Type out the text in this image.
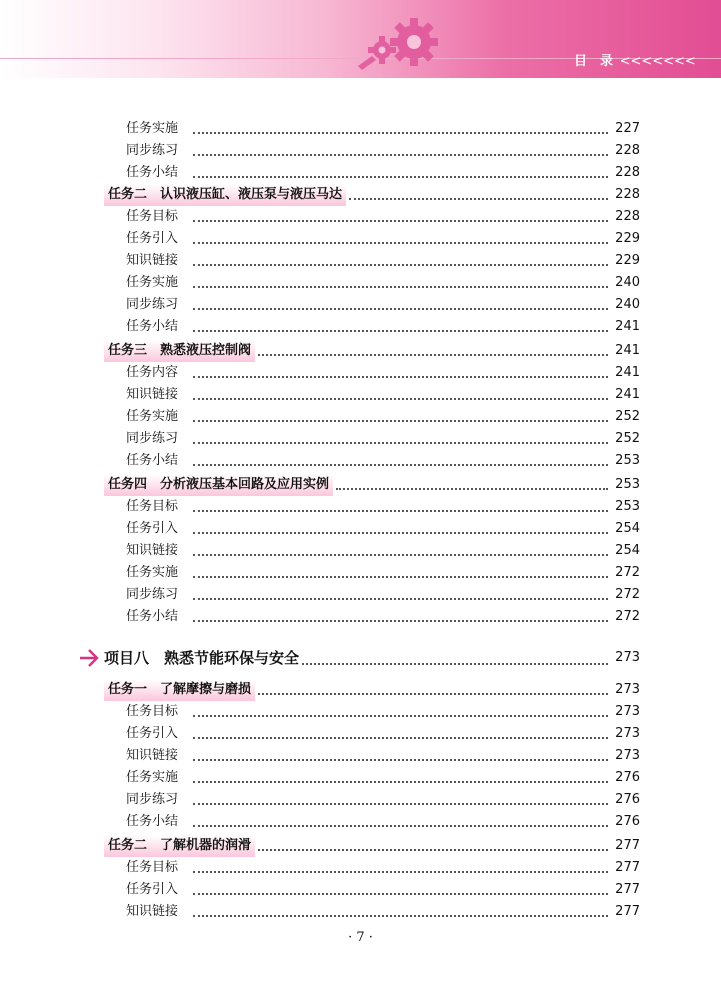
目 录 <<<<<<<
任务实施	227
同步练习	228
任务小结	228
任务二　认识液压缸、液压泵与液压马达	228
任务目标	228
任务引入	229
知识链接	229
任务实施	240
同步练习	240
任务小结	241
任务三　熟悉液压控制阀	241
任务内容	241
知识链接	241
任务实施	252
同步练习	252
任务小结	253
任务四　分析液压基本回路及应用实例	253
任务目标	253
任务引入	254
知识链接	254
任务实施	272
同步练习	272
任务小结	272
项目八　熟悉节能环保与安全	273
任务一　了解摩擦与磨损	273
任务目标	273
任务引入	273
知识链接	273
任务实施	276
同步练习	276
任务小结	276
任务二　了解机器的润滑	277
任务目标	277
任务引入	277
知识链接	277
· 7 ·
